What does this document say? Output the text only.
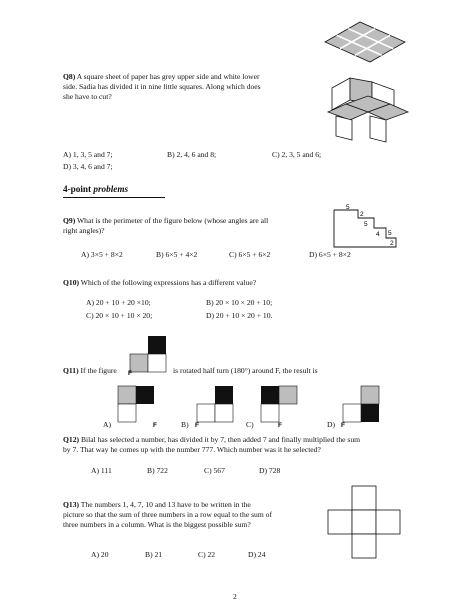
Q8) A square sheet of paper has grey upper side and white lower
side. Sadia has divided it in nine little squares. Along which does
she have to cut?
A) 1, 3, 5 and 7;	B) 2, 4, 6 and 8;	C) 2, 3, 5 and 6;
D) 3, 4, 6 and 7;
4-point problems
Q9) What is the perimeter of the figure below (whose angles are all
right angles)?
5
2
5
4 5
2
A) 3×5 + 8×2	B) 6×5 + 4×2	C) 6×5 + 6×2	D) 6×5 + 8×2
Q10) Which of the following expressions has a different value?
A) 20 + 10 + 20 ×10;	B) 20 × 10 × 20 + 10;
C) 20 × 10 + 10 × 20;	D) 20 + 10 × 20 + 10.
Q11) If the figure F	is rotated half turn (180°) around F, the result is
F	F	F	F
A)	B)	C)	D)
Q12) Bilal has selected a number, has divided it by 7, then added 7 and finally multiplied the sum
by 7. That way he comes up with the number 777. Which number was it he selected?
A) 111	B) 722	C) 567	D) 728
Q13) The numbers 1, 4, 7, 10 and 13 have to be written in the
picture so that the sum of three numbers in a row equal to the sum of
three numbers in a column. What is the biggest possible sum?
A) 20	B) 21	C) 22	D) 24
2
